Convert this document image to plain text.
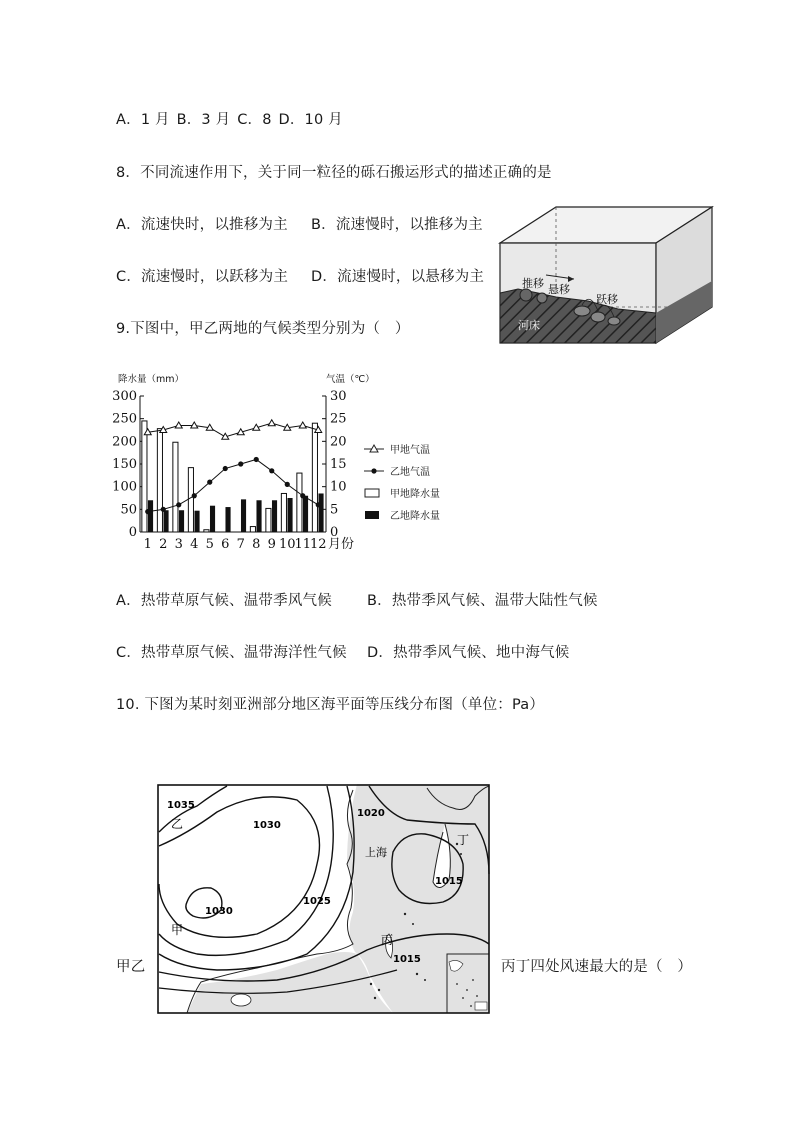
A．1 月 B．3 月 C．8 D．10 月
8．不同流速作用下，关于同一粒径的砾石搬运形式的描述正确的是
A．流速快时，以推移为主 B．流速慢时，以推移为主
C．流速慢时，以跃移为主 D．流速慢时，以悬移为主	推移 悬移
跃移
河床
9.下图中，甲乙两地的气候类型分别为（　）
降水量（mm）	气温（℃）
0
50
100
150
200
250
300
0
5
10
15
20
25
30
1 2 3 4 5 6 7 8 9 10
11
12 月份
甲地气温
乙地气温
甲地降水量
乙地降水量
A．热带草原气候、温带季风气候 B．热带季风气候、温带大陆性气候
C．热带草原气候、温带海洋性气候 D．热带季风气候、地中海气候
10. 下图为某时刻亚洲部分地区海平面等压线分布图（单位：Pa）
甲乙	丙丁四处风速最大的是（　）
1035
乙	1030
1030
1025
甲
1020
上海
丁
1015
丙
1015
